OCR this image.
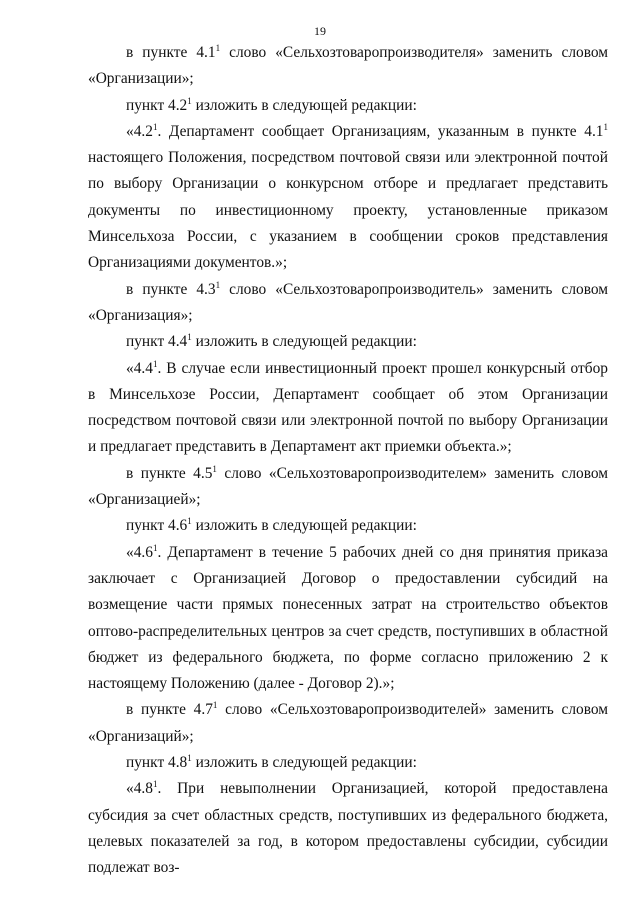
19

в пункте $4.1^1$ слово «Сельхозтоваропроизводителя» заменить словом «Организации»;

пункт $4.2^1$ изложить в следующей редакции:

«$4.2^1$. Департамент сообщает Организациям, указанным в пункте $4.1^1$ настоящего Положения, посредством почтовой связи или электронной почтой по выбору Организации о конкурсном отборе и предлагает представить документы по инвестиционному проекту, установленные приказом Минсельхоза России, с указанием в сообщении сроков представления Организациями документов.»;

в пункте $4.3^1$ слово «Сельхозтоваропроизводитель» заменить словом «Организация»;

пункт $4.4^1$ изложить в следующей редакции:

«$4.4^1$. В случае если инвестиционный проект прошел конкурсный отбор в Минсельхозе России, Департамент сообщает об этом Организации посредством почтовой связи или электронной почтой по выбору Организации и предлагает представить в Департамент акт приемки объекта.»;

в пункте $4.5^1$ слово «Сельхозтоваропроизводителем» заменить словом «Организацией»;

пункт $4.6^1$ изложить в следующей редакции:

«$4.6^1$. Департамент в течение 5 рабочих дней со дня принятия приказа заключает с Организацией Договор о предоставлении субсидий на возмещение части прямых понесенных затрат на строительство объектов оптово-распределительных центров за счет средств, поступивших в областной бюджет из федерального бюджета, по форме согласно приложению 2 к настоящему Положению (далее - Договор 2).»;

в пункте $4.7^1$ слово «Сельхозтоваропроизводителей» заменить словом «Организаций»;

пункт $4.8^1$ изложить в следующей редакции:

«$4.8^1$. При невыполнении Организацией, которой предоставлена субсидия за счет областных средств, поступивших из федерального бюджета, целевых показателей за год, в котором предоставлены субсидии, субсидии подлежат воз-
